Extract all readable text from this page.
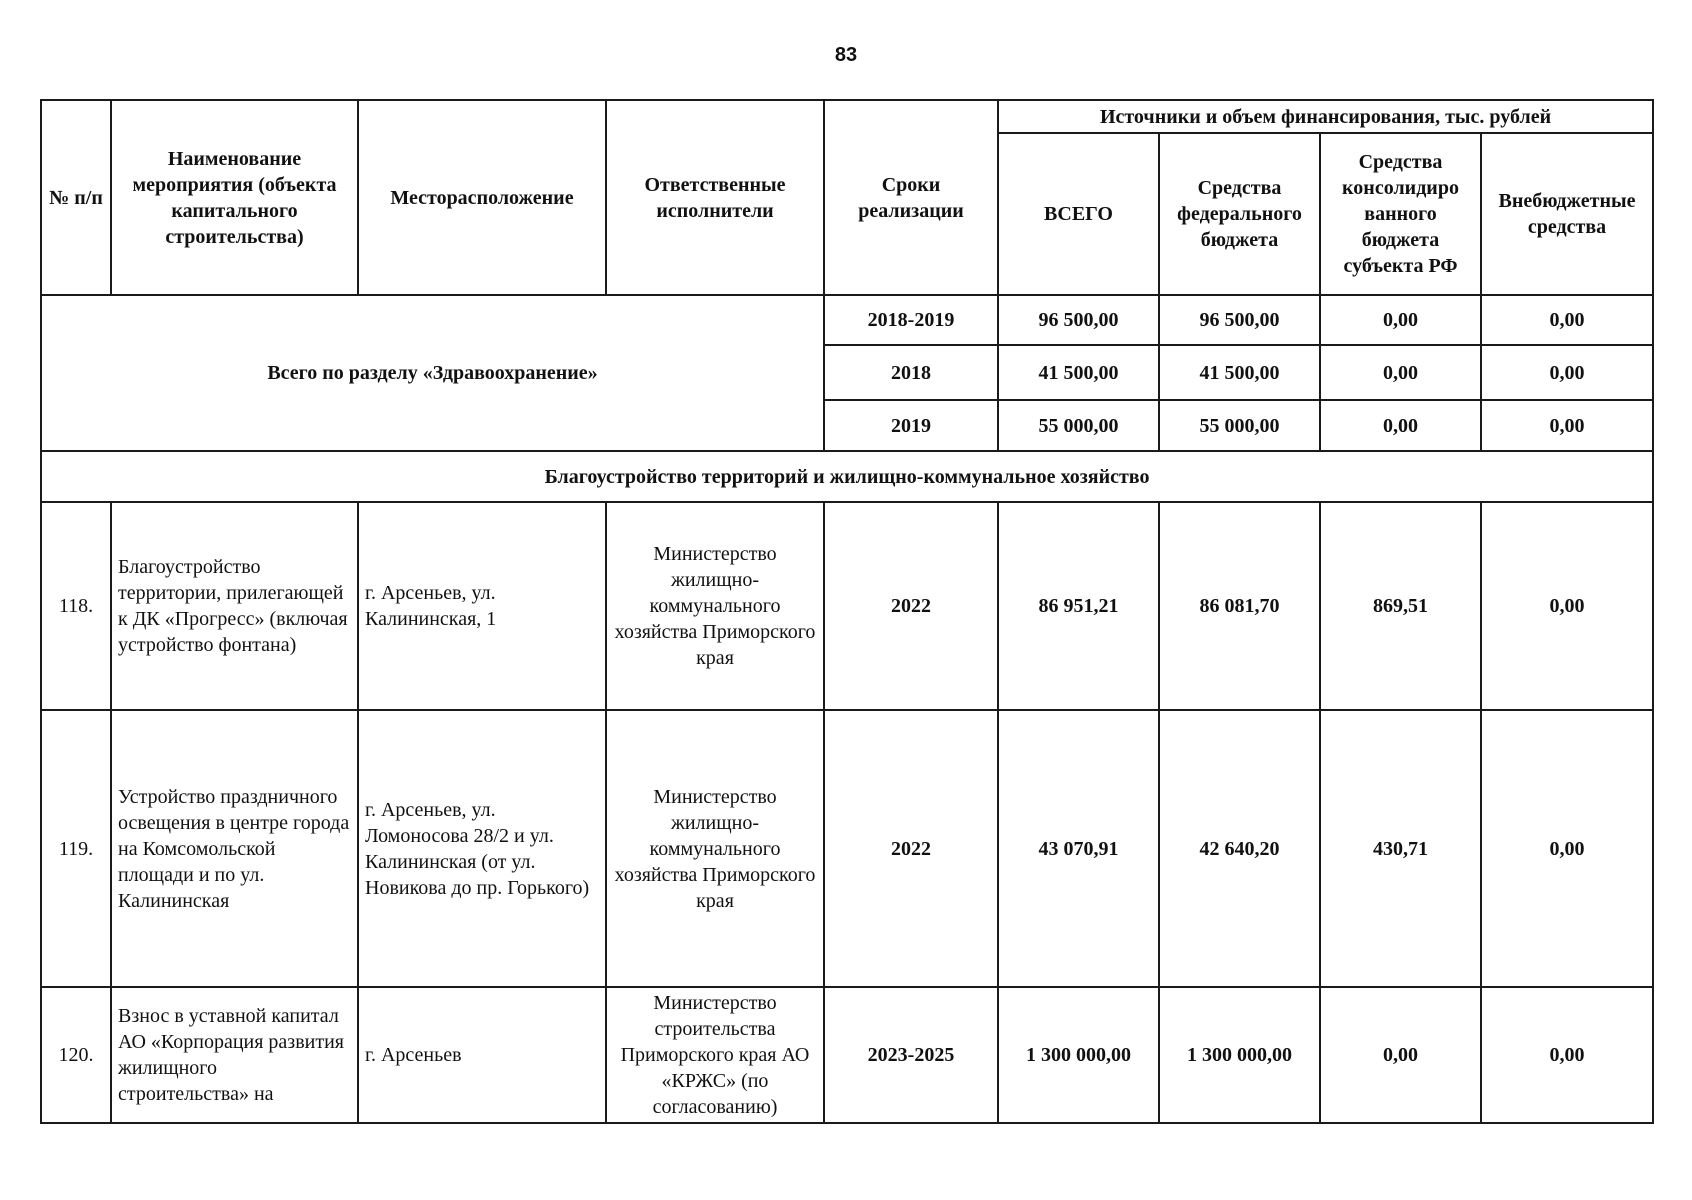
83
№ п/п	Наименование мероприятия (объекта капитального строительства)	Месторасположение	Ответственные исполнители	Сроки реализации	Источники и объем финансирования, тыс. рублей			
					ВСЕГО	Средства федерального бюджета	Средства консолидиро ванного бюджета субъекта РФ	Внебюджетные средства
Всего по разделу «Здравоохранение»				2018-2019	96 500,00	96 500,00	0,00	0,00
				2018	41 500,00	41 500,00	0,00	0,00
				2019	55 000,00	55 000,00	0,00	0,00
Благоустройство территорий и жилищно-коммунальное хозяйство								
118.	Благоустройство территории, прилегающей к ДК «Прогресс» (включая устройство фонтана)	г. Арсеньев, ул. Калининская, 1	Министерство жилищно-коммунального хозяйства Приморского края	2022	86 951,21	86 081,70	869,51	0,00
119.	Устройство праздничного освещения в центре города на Комсомольской площади и по ул. Калининская	г. Арсеньев, ул. Ломоносова 28/2 и ул. Калининская (от ул. Новикова до пр. Горького)	Министерство жилищно-коммунального хозяйства Приморского края	2022	43 070,91	42 640,20	430,71	0,00
120.	Взнос в уставной капитал АО «Корпорация развития жилищного строительства» на	г. Арсеньев	Министерство строительства Приморского края АО «КРЖС» (по согласованию)	2023-2025	1 300 000,00	1 300 000,00	0,00	0,00
